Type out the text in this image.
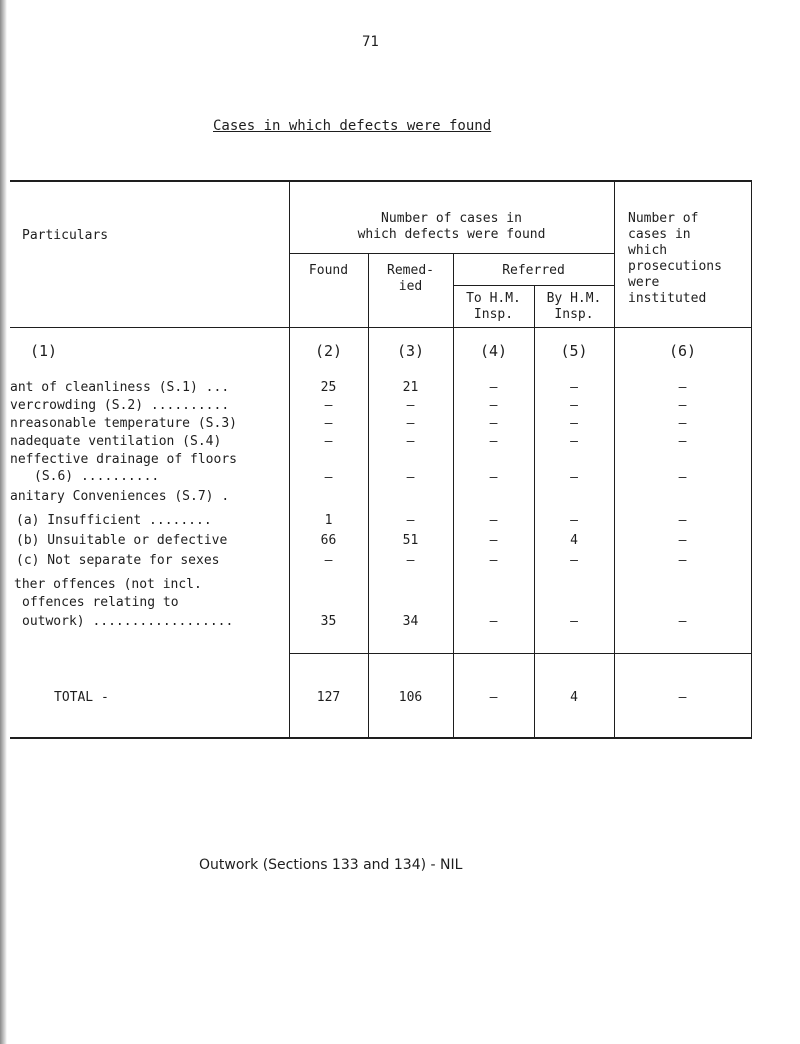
71
Cases in which defects were found
Particulars
Number of cases in
which defects were found
Number of
cases in
which
prosecutions
were
instituted
Found	Remed-
ied
Referred
To H.M.
Insp.
By H.M.
Insp.
(1)	(2)	(3)	(4)	(5)	(6)
ant of cleanliness (S.1) ...	25	21	–	–	–
vercrowding (S.2) ..........	–	–	–	–	–
nreasonable temperature (S.3)	–	–	–	–	–
nadequate ventilation (S.4)	–	–	–	–	–
neffective drainage of floors
(S.6) ..........	–	–	–	–	–
anitary Conveniences (S.7) .
(a) Insufficient ........	1	–	–	–	–
(b) Unsuitable or defective	66	51	–	4	–
(c) Not separate for sexes	–	–	–	–	–
ther offences (not incl.
offences relating to
outwork) ..................	35	34	–	–	–
TOTAL -	127	106	–	4	–
Outwork (Sections 133 and 134) - NIL
